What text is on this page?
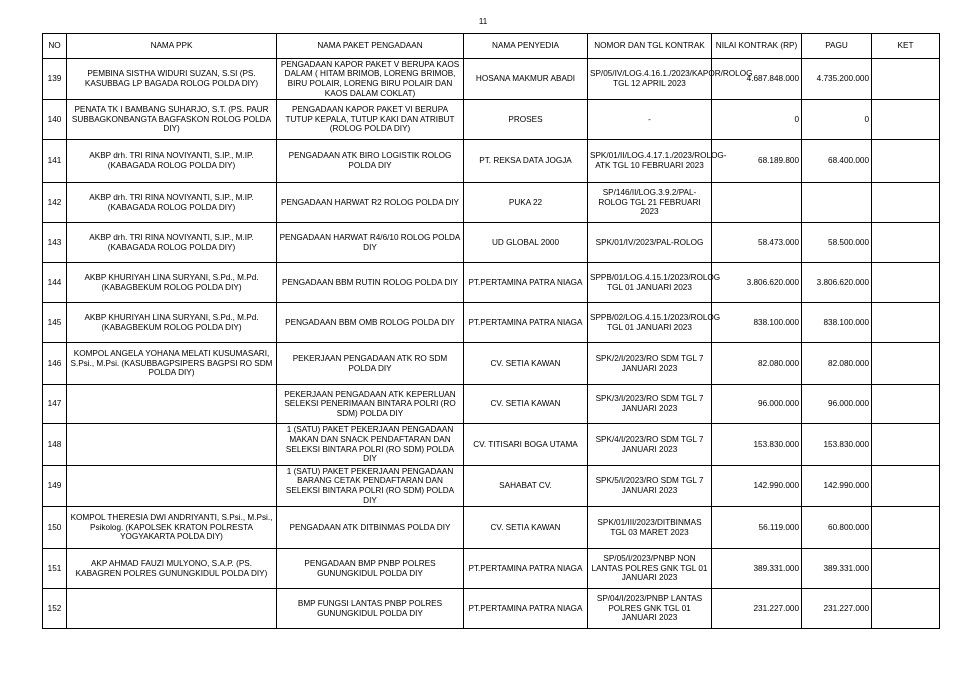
11
NO	NAMA PPK	NAMA PAKET PENGADAAN	NAMA PENYEDIA	NOMOR DAN TGL KONTRAK	NILAI KONTRAK (RP)	PAGU	KET
139	PEMBINA SISTHA WIDURI SUZAN, S.SI (PS. KASUBBAG LP BAGADA ROLOG POLDA DIY)	PENGADAAN KAPOR PAKET V BERUPA KAOS DALAM ( HITAM BRIMOB, LORENG BRIMOB, BIRU POLAIR, LORENG BIRU POLAIR DAN KAOS DALAM COKLAT)	HOSANA MAKMUR ABADI	SP/05/IV/LOG.4.16.1./2023/KAPOR/ROLOG TGL 12 APRIL 2023	4.687.848.000	4.735.200.000	
140	PENATA TK I BAMBANG SUHARJO, S.T. (PS. PAUR SUBBAGKONBANGTA BAGFASKON ROLOG POLDA DIY)	PENGADAAN KAPOR PAKET VI BERUPA TUTUP KEPALA, TUTUP KAKI DAN ATRIBUT (ROLOG POLDA DIY)	PROSES	-	0	0	
141	AKBP drh. TRI RINA NOVIYANTI, S.IP., M.IP. (KABAGADA ROLOG POLDA DIY)	PENGADAAN ATK BIRO LOGISTIK ROLOG POLDA DIY	PT. REKSA DATA JOGJA	SPK/01/II/LOG.4.17.1./2023/ROLOG-ATK TGL 10 FEBRUARI 2023	68.189.800	68.400.000	
142	AKBP drh. TRI RINA NOVIYANTI, S.IP., M.IP. (KABAGADA ROLOG POLDA DIY)	PENGADAAN HARWAT R2 ROLOG POLDA DIY	PUKA 22	SP/146/II/LOG.3.9.2/PAL-ROLOG TGL 21 FEBRUARI 2023			
143	AKBP drh. TRI RINA NOVIYANTI, S.IP., M.IP. (KABAGADA ROLOG POLDA DIY)	PENGADAAN HARWAT R4/6/10 ROLOG POLDA DIY	UD GLOBAL 2000	SPK/01/IV/2023/PAL-ROLOG	58.473.000	58.500.000	
144	AKBP KHURIYAH LINA SURYANI, S.Pd., M.Pd. (KABAGBEKUM ROLOG POLDA DIY)	PENGADAAN BBM RUTIN ROLOG POLDA DIY	PT.PERTAMINA PATRA NIAGA	SPPB/01/LOG.4.15.1/2023/ROLOG TGL 01 JANUARI 2023	3.806.620.000	3.806.620.000	
145	AKBP KHURIYAH LINA SURYANI, S.Pd., M.Pd. (KABAGBEKUM ROLOG POLDA DIY)	PENGADAAN BBM OMB ROLOG POLDA DIY	PT.PERTAMINA PATRA NIAGA	SPPB/02/LOG.4.15.1/2023/ROLOG TGL 01 JANUARI 2023	838.100.000	838.100.000	
146	KOMPOL ANGELA YOHANA MELATI KUSUMASARI, S.Psi., M.Psi. (KASUBBAGPSIPERS BAGPSI RO SDM POLDA DIY)	PEKERJAAN PENGADAAN ATK RO SDM POLDA DIY	CV. SETIA KAWAN	SPK/2/I/2023/RO SDM TGL 7 JANUARI 2023	82.080.000	82.080.000	
147		PEKERJAAN PENGADAAN ATK KEPERLUAN SELEKSI PENERIMAAN BINTARA POLRI (RO SDM) POLDA DIY	CV. SETIA KAWAN	SPK/3/I/2023/RO SDM TGL 7 JANUARI 2023	96.000.000	96.000.000	
148		1 (SATU) PAKET PEKERJAAN PENGADAAN MAKAN DAN SNACK PENDAFTARAN DAN SELEKSI BINTARA POLRI (RO SDM) POLDA DIY	CV. TITISARI BOGA UTAMA	SPK/4/I/2023/RO SDM TGL 7 JANUARI 2023	153.830.000	153.830.000	
149		1 (SATU) PAKET PEKERJAAN PENGADAAN BARANG CETAK PENDAFTARAN DAN SELEKSI BINTARA POLRI (RO SDM) POLDA DIY	SAHABAT CV.	SPK/5/I/2023/RO SDM TGL 7 JANUARI 2023	142.990.000	142.990.000	
150	KOMPOL THERESIA DWI ANDRIYANTI, S.Psi., M.Psi., Psikolog. (KAPOLSEK KRATON POLRESTA YOGYAKARTA POLDA DIY)	PENGADAAN ATK DITBINMAS POLDA DIY	CV. SETIA KAWAN	SPK/01/III/2023/DITBINMAS TGL 03 MARET 2023	56.119.000	60.800.000	
151	AKP AHMAD FAUZI MULYONO, S.A.P. (PS. KABAGREN POLRES GUNUNGKIDUL POLDA DIY)	PENGADAAN BMP PNBP POLRES GUNUNGKIDUL POLDA DIY	PT.PERTAMINA PATRA NIAGA	SP/05/I/2023/PNBP NON LANTAS POLRES GNK TGL 01 JANUARI 2023	389.331.000	389.331.000	
152		BMP FUNGSI LANTAS PNBP POLRES GUNUNGKIDUL POLDA DIY	PT.PERTAMINA PATRA NIAGA	SP/04/I/2023/PNBP LANTAS POLRES GNK TGL 01 JANUARI 2023	231.227.000	231.227.000	
